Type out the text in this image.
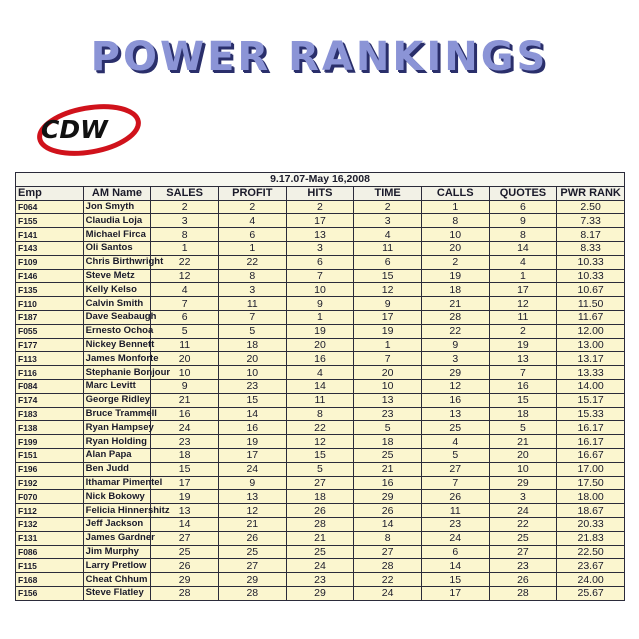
POWER RANKINGS
CDW
9.17.07-May 16,2008								
Emp	AM Name	SALES	PROFIT	HITS	TIME	CALLS	QUOTES	PWR RANK
F064	Jon Smyth	2	2	2	2	1	6	2.50
F155	Claudia Loja	3	4	17	3	8	9	7.33
F141	Michael Firca	8	6	13	4	10	8	8.17
F143	Oli Santos	1	1	3	11	20	14	8.33
F109	Chris Birthwright	22	22	6	6	2	4	10.33
F146	Steve Metz	12	8	7	15	19	1	10.33
F135	Kelly Kelso	4	3	10	12	18	17	10.67
F110	Calvin Smith	7	11	9	9	21	12	11.50
F187	Dave Seabaugh	6	7	1	17	28	11	11.67
F055	Ernesto Ochoa	5	5	19	19	22	2	12.00
F177	Nickey Bennett	11	18	20	1	9	19	13.00
F113	James Monforte	20	20	16	7	3	13	13.17
F116	Stephanie Bonjour	10	10	4	20	29	7	13.33
F084	Marc Levitt	9	23	14	10	12	16	14.00
F174	George Ridley	21	15	11	13	16	15	15.17
F183	Bruce Trammell	16	14	8	23	13	18	15.33
F138	Ryan Hampsey	24	16	22	5	25	5	16.17
F199	Ryan Holding	23	19	12	18	4	21	16.17
F151	Alan Papa	18	17	15	25	5	20	16.67
F196	Ben Judd	15	24	5	21	27	10	17.00
F192	Ithamar Pimentel	17	9	27	16	7	29	17.50
F070	Nick Bokowy	19	13	18	29	26	3	18.00
F112	Felicia Hinnershitz	13	12	26	26	11	24	18.67
F132	Jeff Jackson	14	21	28	14	23	22	20.33
F131	James Gardner	27	26	21	8	24	25	21.83
F086	Jim Murphy	25	25	25	27	6	27	22.50
F115	Larry Pretlow	26	27	24	28	14	23	23.67
F168	Cheat Chhum	29	29	23	22	15	26	24.00
F156	Steve Flatley	28	28	29	24	17	28	25.67
